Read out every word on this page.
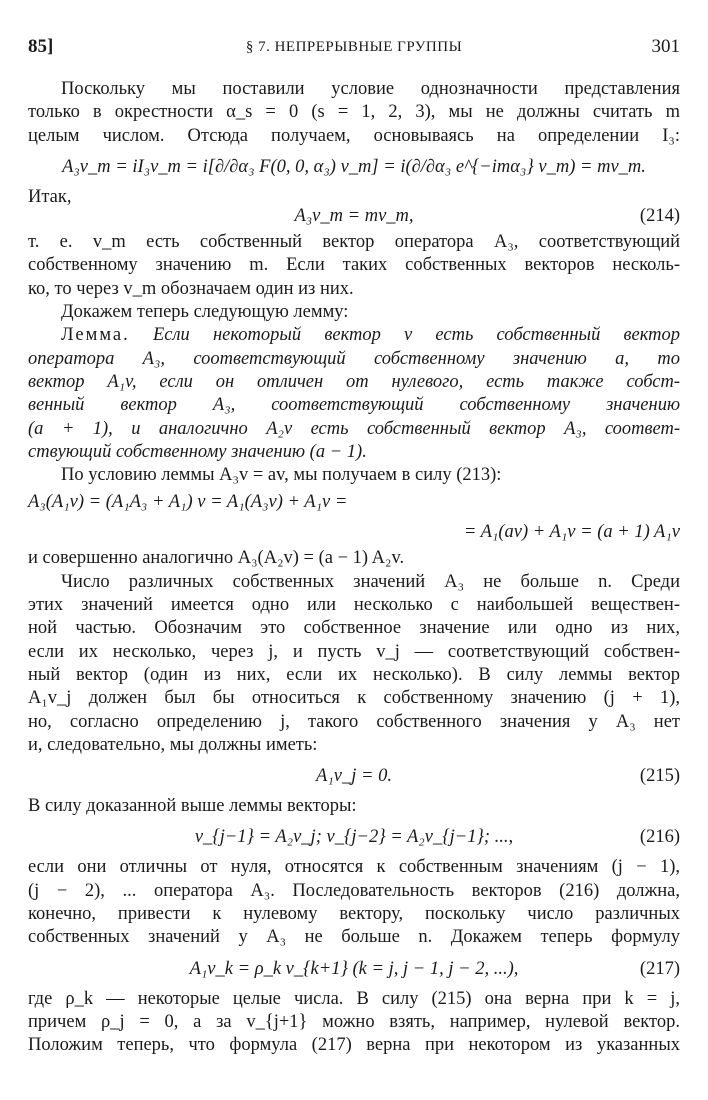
85]	§ 7. НЕПРЕРЫВНЫЕ ГРУППЫ	301
Поскольку мы поставили условие однозначности представления
только в окрестности α_s = 0 (s = 1, 2, 3), мы не должны считать m
целым числом. Отсюда получаем, основываясь на определении I₃:
A₃v_m = iI₃v_m = i[∂/∂α₃ F(0, 0, α₃) v_m] = i(∂/∂α₃ e^{−imα₃} v_m) = mv_m.
Итак,
A₃v_m = mv_m,	(214)
т. е. v_m есть собственный вектор оператора A₃, соответствующий
собственному значению m. Если таких собственных векторов несколь-
ко, то через v_m обозначаем один из них.
Докажем теперь следующую лемму:
Лемма. Если некоторый вектор v есть собственный вектор
оператора A₃, соответствующий собственному значению a, то
вектор A₁v, если он отличен от нулевого, есть также собст-
венный вектор A₃, соответствующий собственному значению
(a + 1), и аналогично A₂v есть собственный вектор A₃, соответ-
ствующий собственному значению (a − 1).
По условию леммы A₃v = av, мы получаем в силу (213):
A₃(A₁v) = (A₁A₃ + A₁) v = A₁(A₃v) + A₁v =
= A₁(av) + A₁v = (a + 1) A₁v
и совершенно аналогично A₃(A₂v) = (a − 1) A₂v.
Число различных собственных значений A₃ не больше n. Среди
этих значений имеется одно или несколько с наибольшей веществен-
ной частью. Обозначим это собственное значение или одно из них,
если их несколько, через j, и пусть v_j — соответствующий собствен-
ный вектор (один из них, если их несколько). В силу леммы вектор
A₁v_j должен был бы относиться к собственному значению (j + 1),
но, согласно определению j, такого собственного значения у A₃ нет
и, следовательно, мы должны иметь:
A₁v_j = 0.	(215)
В силу доказанной выше леммы векторы:
v_{j−1} = A₂v_j; v_{j−2} = A₂v_{j−1}; ...,	(216)
если они отличны от нуля, относятся к собственным значениям (j − 1),
(j − 2), ... оператора A₃. Последовательность векторов (216) должна,
конечно, привести к нулевому вектору, поскольку число различных
собственных значений у A₃ не больше n. Докажем теперь формулу
A₁v_k = ρ_k v_{k+1} (k = j, j − 1, j − 2, ...),	(217)
где ρ_k — некоторые целые числа. В силу (215) она верна при k = j,
причем ρ_j = 0, а за v_{j+1} можно взять, например, нулевой вектор.
Положим теперь, что формула (217) верна при некотором из указанных
